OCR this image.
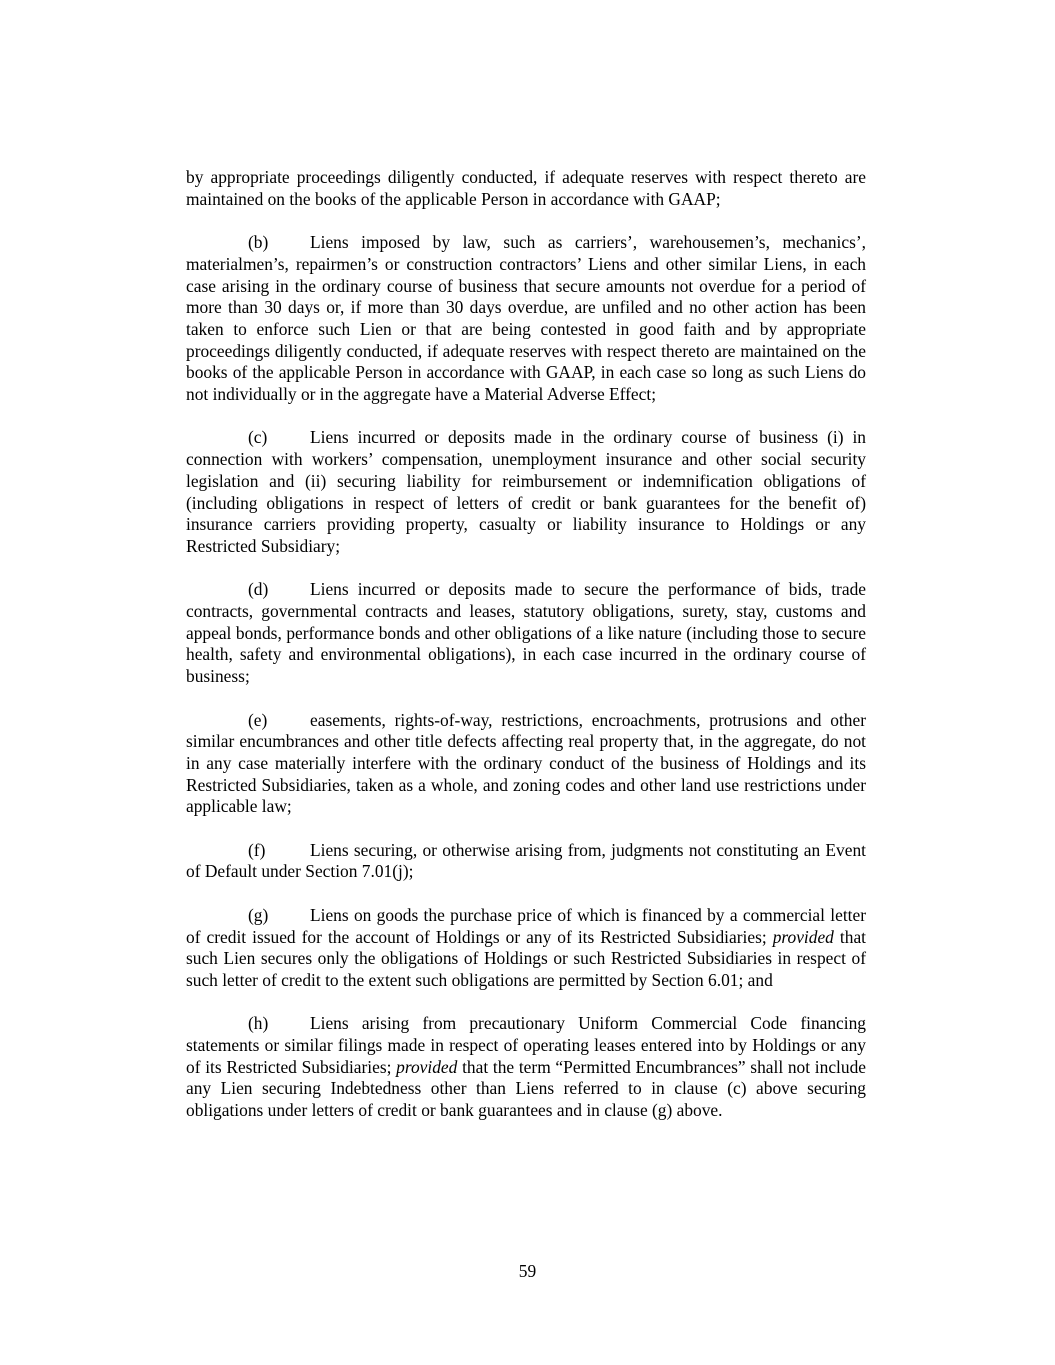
by appropriate proceedings diligently conducted, if adequate reserves with respect thereto are maintained on the books of the applicable Person in accordance with GAAP;

(b) Liens imposed by law, such as carriers’, warehousemen’s, mechanics’, materialmen’s, repairmen’s or construction contractors’ Liens and other similar Liens, in each case arising in the ordinary course of business that secure amounts not overdue for a period of more than 30 days or, if more than 30 days overdue, are unfiled and no other action has been taken to enforce such Lien or that are being contested in good faith and by appropriate proceedings diligently conducted, if adequate reserves with respect thereto are maintained on the books of the applicable Person in accordance with GAAP, in each case so long as such Liens do not individually or in the aggregate have a Material Adverse Effect;

(c) Liens incurred or deposits made in the ordinary course of business (i) in connection with workers’ compensation, unemployment insurance and other social security legislation and (ii) securing liability for reimbursement or indemnification obligations of (including obligations in respect of letters of credit or bank guarantees for the benefit of) insurance carriers providing property, casualty or liability insurance to Holdings or any Restricted Subsidiary;

(d) Liens incurred or deposits made to secure the performance of bids, trade contracts, governmental contracts and leases, statutory obligations, surety, stay, customs and appeal bonds, performance bonds and other obligations of a like nature (including those to secure health, safety and environmental obligations), in each case incurred in the ordinary course of business;

(e) easements, rights-of-way, restrictions, encroachments, protrusions and other similar encumbrances and other title defects affecting real property that, in the aggregate, do not in any case materially interfere with the ordinary conduct of the business of Holdings and its Restricted Subsidiaries, taken as a whole, and zoning codes and other land use restrictions under applicable law;

(f)	Liens securing, or otherwise arising from, judgments not constituting an Event of Default under Section 7.01(j);

(g) Liens on goods the purchase price of which is financed by a commercial letter of credit issued for the account of Holdings or any of its Restricted Subsidiaries; provided that such Lien secures only the obligations of Holdings or such Restricted Subsidiaries in respect of such letter of credit to the extent such obligations are permitted by Section 6.01; and

(h) Liens arising from precautionary Uniform Commercial Code financing statements or similar filings made in respect of operating leases entered into by Holdings or any of its Restricted Subsidiaries; provided that the term “Permitted Encumbrances” shall not include any Lien securing Indebtedness other than Liens referred to in clause (c) above securing obligations under letters of credit or bank guarantees and in clause (g) above.

59
